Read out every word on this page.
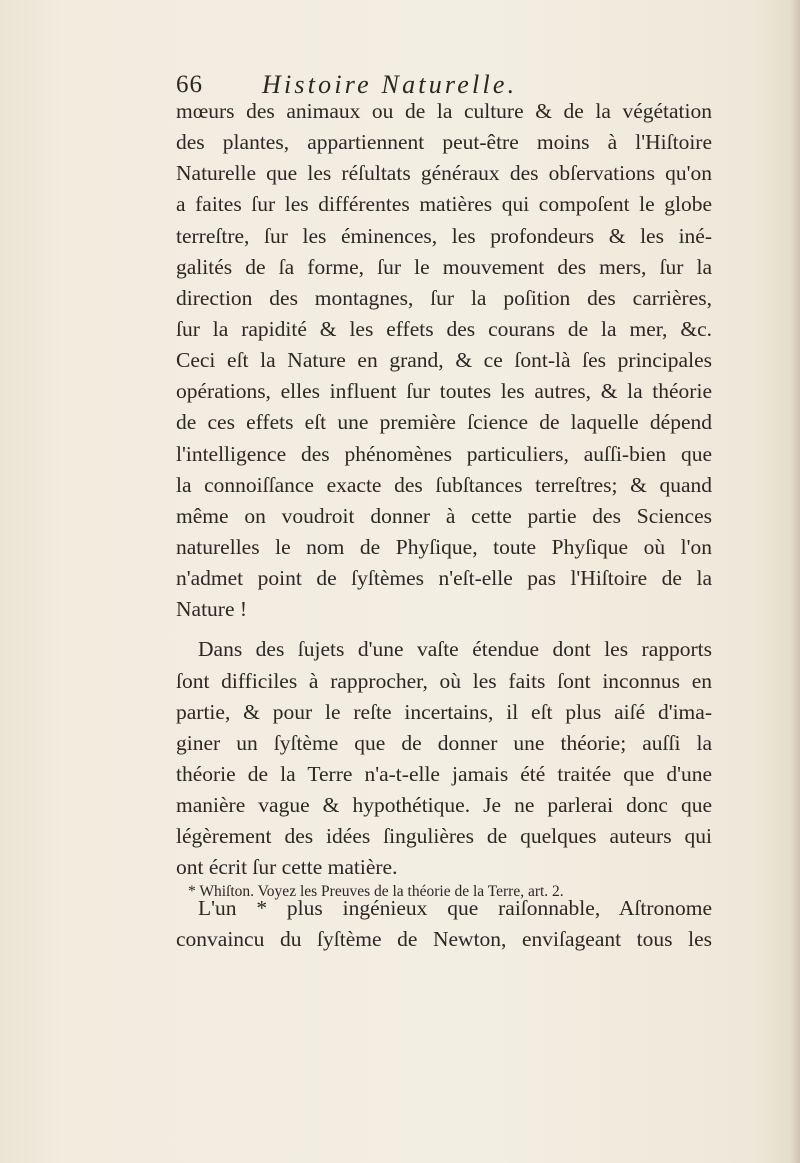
66 Histoire Naturelle.
mœurs des animaux ou de la culture & de la végétation
des plantes, appartiennent peut-être moins à l'Hiſtoire
Naturelle que les réſultats généraux des obſervations qu'on
a faites ſur les différentes matières qui compoſent le globe
terreſtre, ſur les éminences, les profondeurs & les iné-
galités de ſa forme, ſur le mouvement des mers, ſur la
direction des montagnes, ſur la poſition des carrières,
ſur la rapidité & les effets des courans de la mer, &c.
Ceci eſt la Nature en grand, & ce ſont-là ſes principales
opérations, elles influent ſur toutes les autres, & la théorie
de ces effets eſt une première ſcience de laquelle dépend
l'intelligence des phénomènes particuliers, auſſi-bien que
la connoiſſance exacte des ſubſtances terreſtres; & quand
même on voudroit donner à cette partie des Sciences
naturelles le nom de Phyſique, toute Phyſique où l'on
n'admet point de ſyſtèmes n'eſt-elle pas l'Hiſtoire de la
Nature !
Dans des ſujets d'une vaſte étendue dont les rapports
ſont difficiles à rapprocher, où les faits ſont inconnus en
partie, & pour le reſte incertains, il eſt plus aiſé d'ima-
giner un ſyſtème que de donner une théorie; auſſi la
théorie de la Terre n'a-t-elle jamais été traitée que d'une
manière vague & hypothétique. Je ne parlerai donc que
légèrement des idées ſingulières de quelques auteurs qui
ont écrit ſur cette matière.
L'un * plus ingénieux que raiſonnable, Aſtronome
convaincu du ſyſtème de Newton, enviſageant tous les
* Whiſton. Voyez les Preuves de la théorie de la Terre, art. 2.
